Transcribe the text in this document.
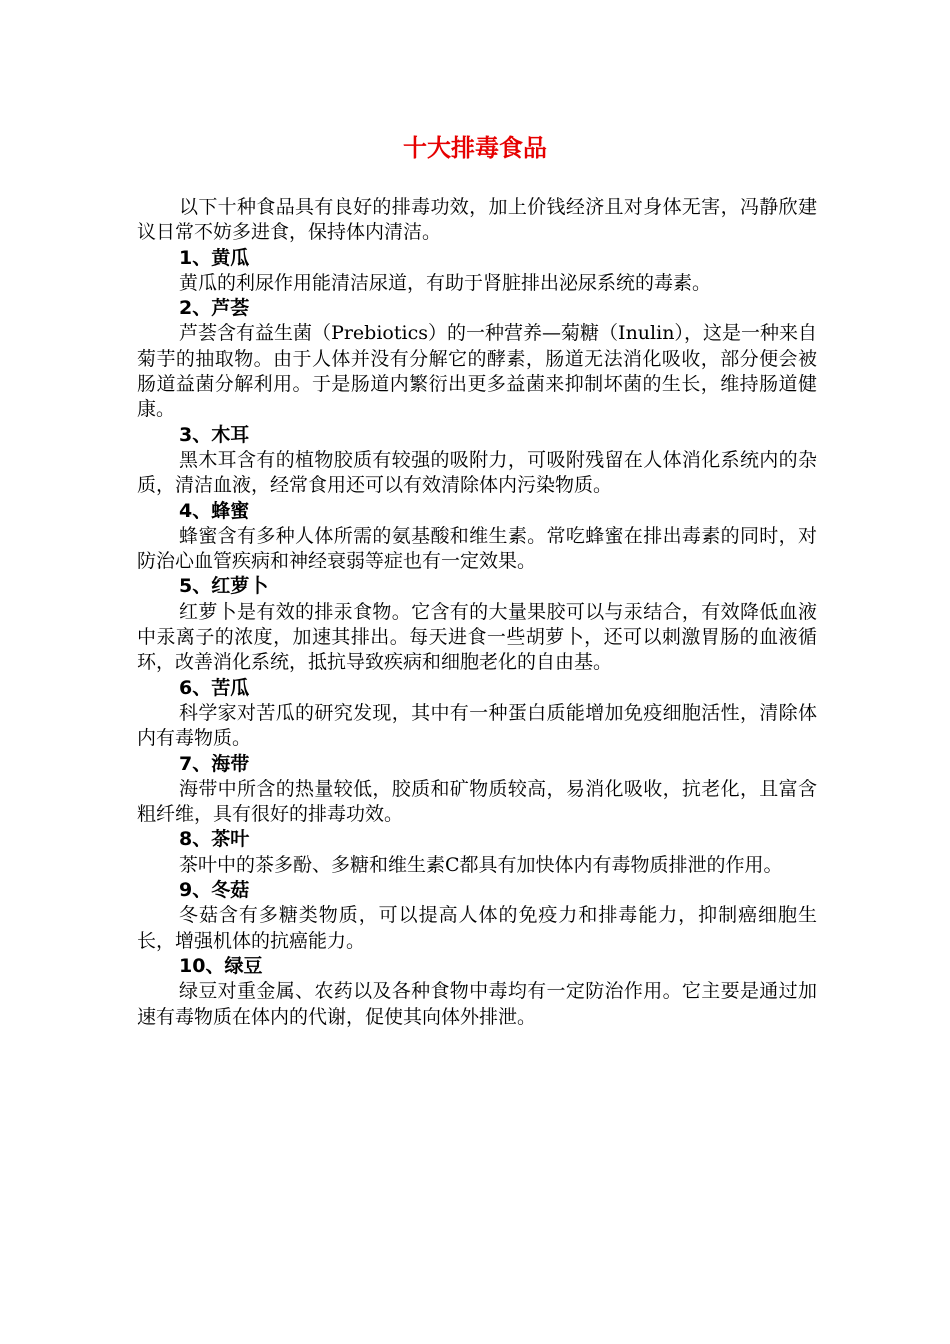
十大排毒食品

以下十种食品具有良好的排毒功效，加上价钱经济且对身体无害，冯静欣建议日常不妨多进食，保持体内清洁。

1、黄瓜

黄瓜的利尿作用能清洁尿道，有助于肾脏排出泌尿系统的毒素。

2、芦荟

芦荟含有益生菌（Prebiotics）的一种营养—菊糖（Inulin），这是一种来自菊芋的抽取物。由于人体并没有分解它的酵素，肠道无法消化吸收，部分便会被肠道益菌分解利用。于是肠道内繁衍出更多益菌来抑制坏菌的生长，维持肠道健康。

3、木耳

黑木耳含有的植物胶质有较强的吸附力，可吸附残留在人体消化系统内的杂质，清洁血液，经常食用还可以有效清除体内污染物质。

4、蜂蜜

蜂蜜含有多种人体所需的氨基酸和维生素。常吃蜂蜜在排出毒素的同时，对防治心血管疾病和神经衰弱等症也有一定效果。

5、红萝卜

红萝卜是有效的排汞食物。它含有的大量果胶可以与汞结合，有效降低血液中汞离子的浓度，加速其排出。每天进食一些胡萝卜，还可以刺激胃肠的血液循环，改善消化系统，抵抗导致疾病和细胞老化的自由基。

6、苦瓜

科学家对苦瓜的研究发现，其中有一种蛋白质能增加免疫细胞活性，清除体内有毒物质。

7、海带

海带中所含的热量较低，胶质和矿物质较高，易消化吸收，抗老化，且富含粗纤维，具有很好的排毒功效。

8、茶叶

茶叶中的茶多酚、多糖和维生素C都具有加快体内有毒物质排泄的作用。

9、冬菇

冬菇含有多糖类物质，可以提高人体的免疫力和排毒能力，抑制癌细胞生长，增强机体的抗癌能力。

10、绿豆

绿豆对重金属、农药以及各种食物中毒均有一定防治作用。它主要是通过加速有毒物质在体内的代谢，促使其向体外排泄。
